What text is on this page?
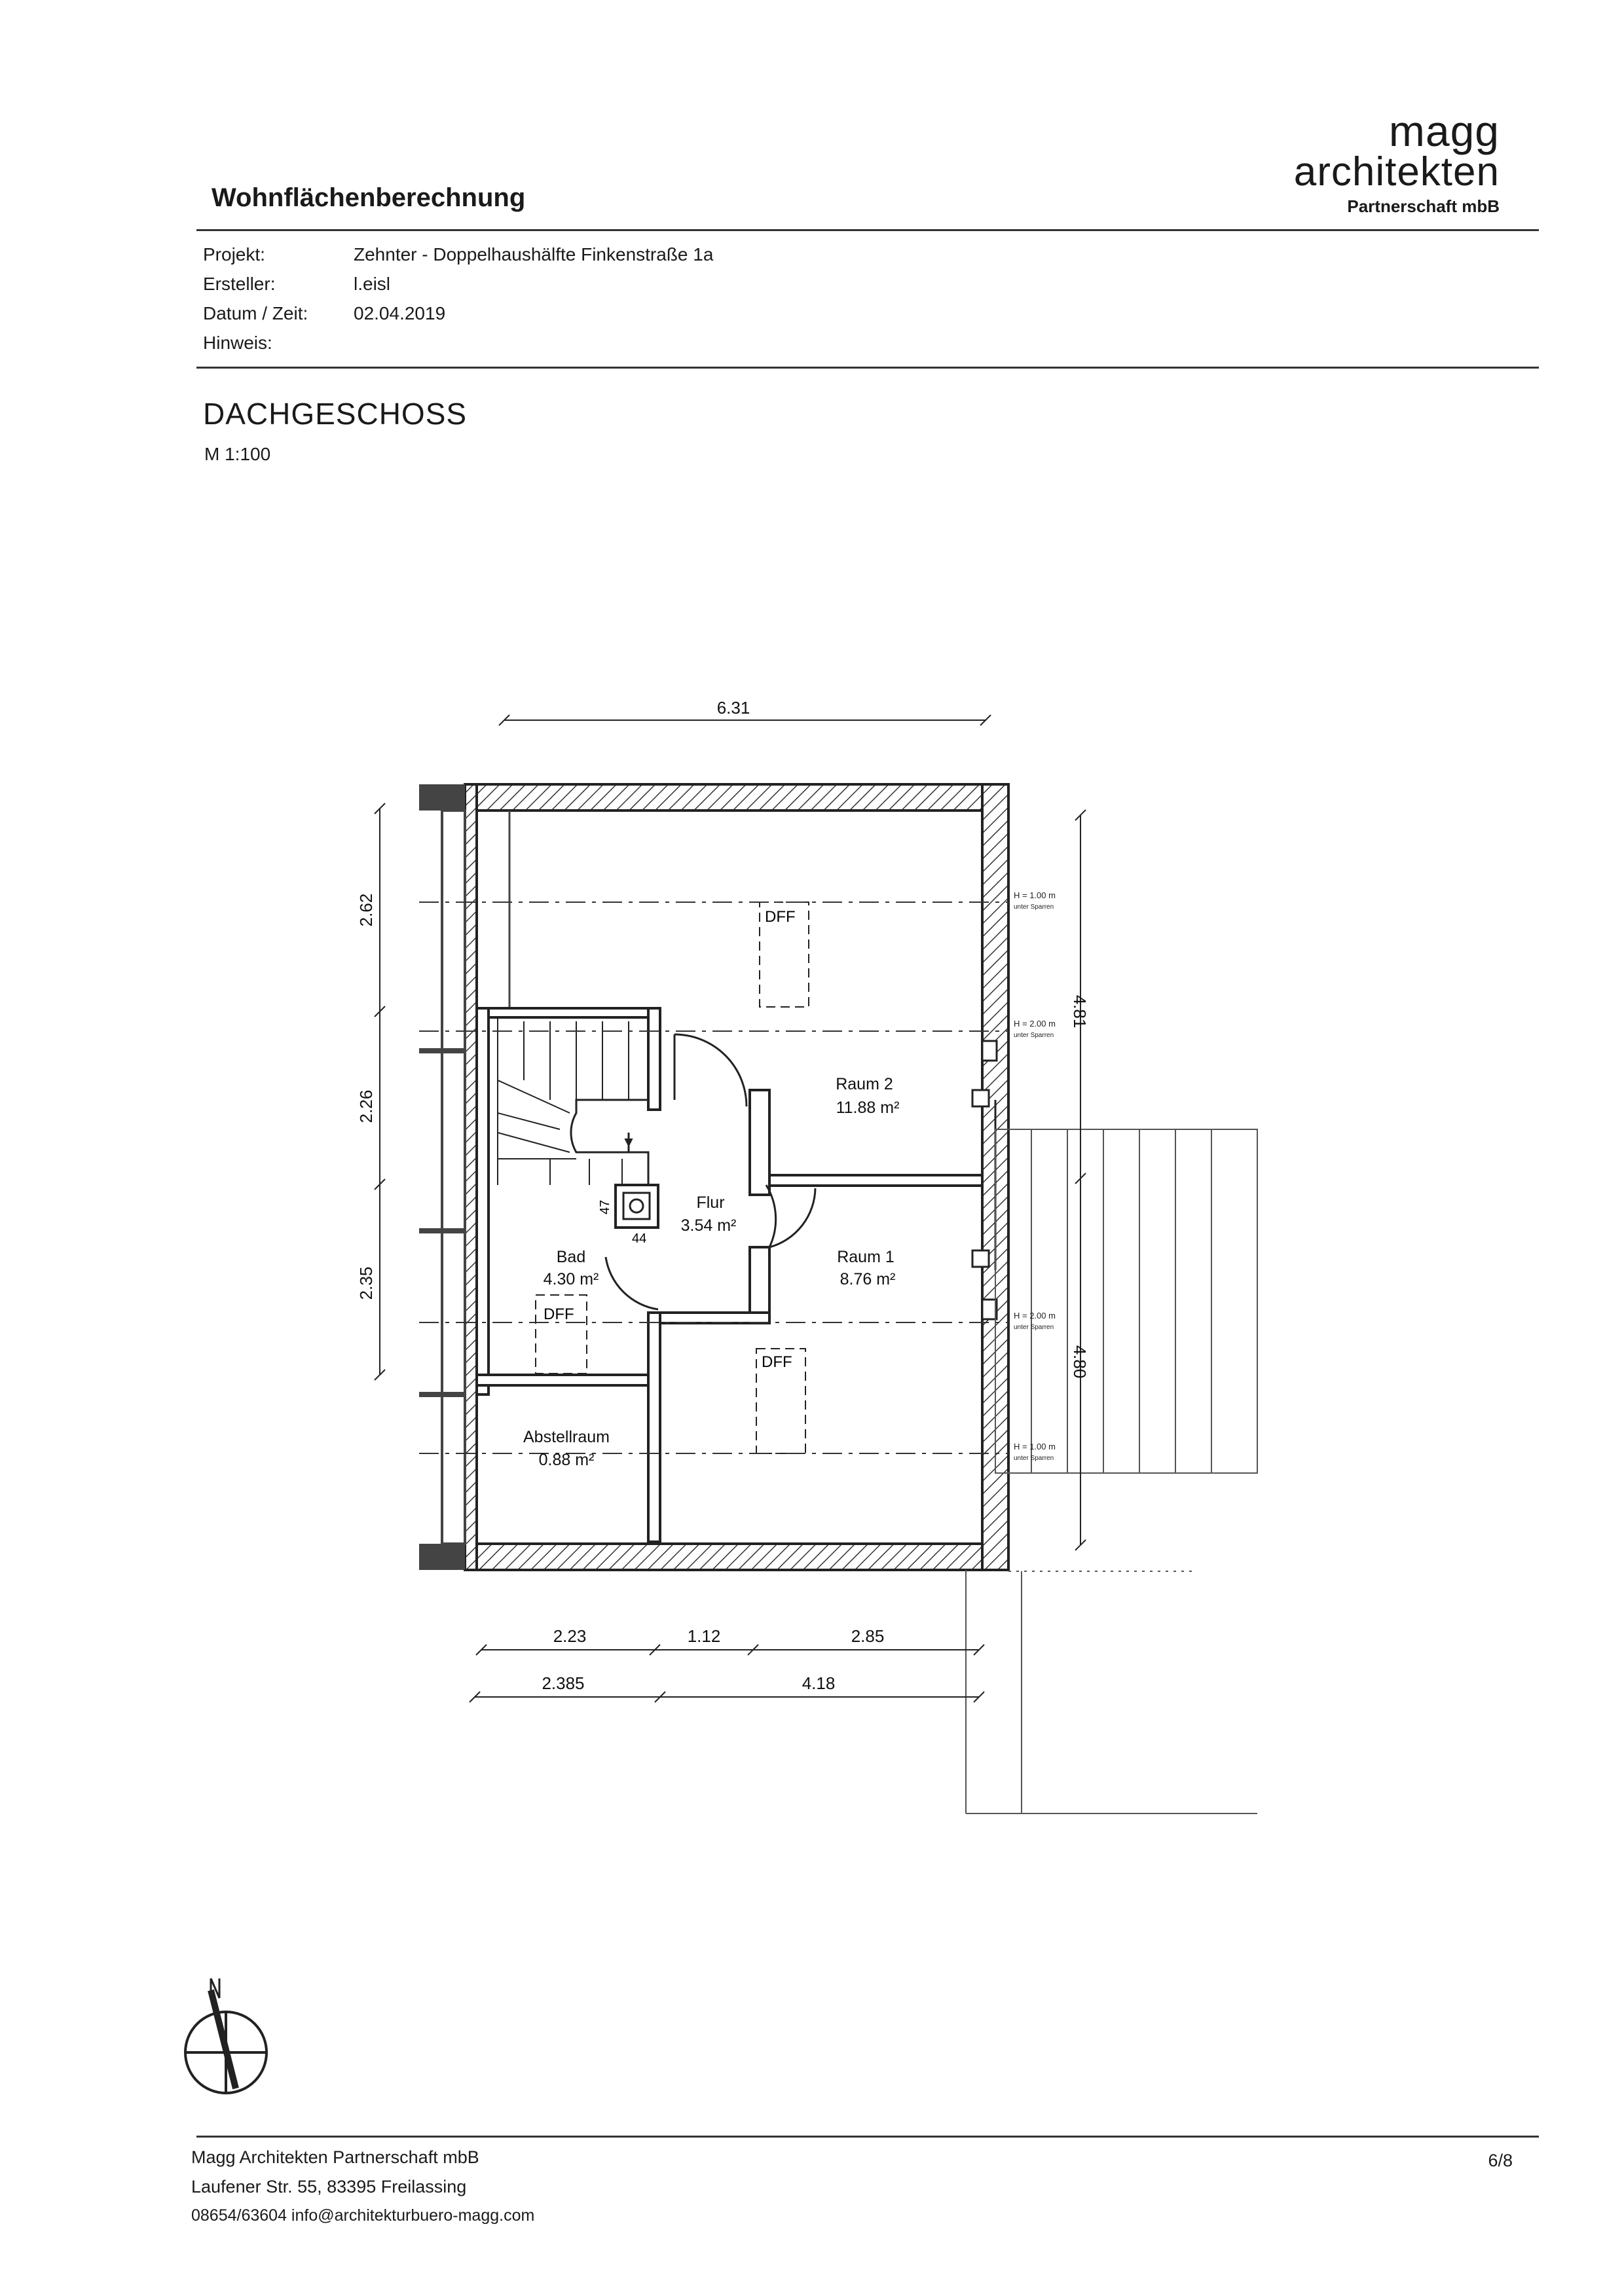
Wohnflächenberechnung
magg
architekten
Partnerschaft mbB
Projekt:	Zehnter - Doppelhaushälfte Finkenstraße 1a
Ersteller:	l.eisl
Datum / Zeit: 02.04.2019
Hinweis:
DACHGESCHOSS
M 1:100
DFF
DFF
DFF
Raum 2
11.88 m²
Raum 1
8.76 m²
Flur
3.54 m²
Bad
4.30 m²
Abstellraum
0.88 m²
47
44
H = 1.00 m
unter Sparren
H = 2.00 m
unter Sparren
H = 2.00 m
unter Sparren
H = 1.00 m
unter Sparren
6.31
2.62
2.26
2.35
4.81
4.80
2.23	1.12	2.85
2.385	4.18
Magg Architekten Partnerschaft mbB
Laufener Str. 55, 83395 Freilassing
08654/63604 info@architekturbuero-magg.com
6/8
